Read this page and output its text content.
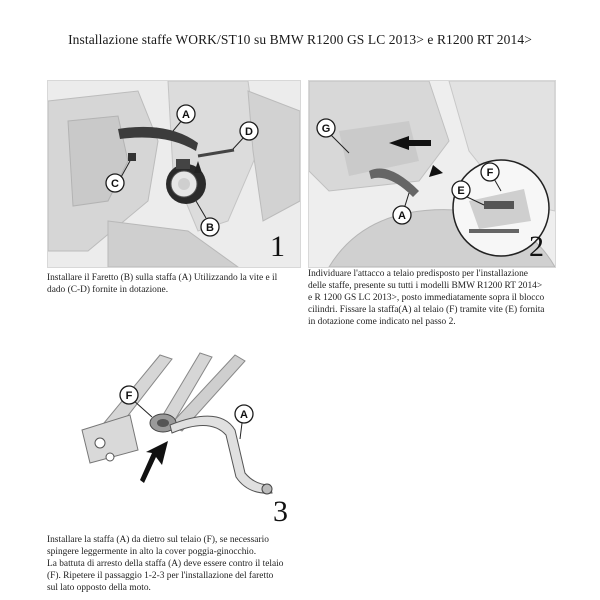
Installazione staffe WORK/ST10 su BMW R1200 GS LC 2013> e R1200 RT 2014>
A
D
C
B
1
Installare il Faretto (B) sulla staffa (A) Utilizzando la vite e il
dado (C-D) fornite in dotazione.
G
E
F
A
2
Individuare l'attacco a telaio predisposto per l'installazione
delle staffe, presente su tutti i modelli BMW R1200 RT 2014>
e R 1200 GS LC 2013>, posto immediatamente sopra il blocco
cilindri. Fissare la staffa(A) al telaio (F) tramite vite (E) fornita
in dotazione come indicato nel passo 2.
F
A
3
Installare la staffa (A) da dietro sul telaio (F), se necessario
spingere leggermente in alto la cover poggia-ginocchio.
La battuta di arresto della staffa (A) deve essere contro il telaio
(F). Ripetere il passaggio 1-2-3 per l'installazione del faretto
sul lato opposto della moto.
